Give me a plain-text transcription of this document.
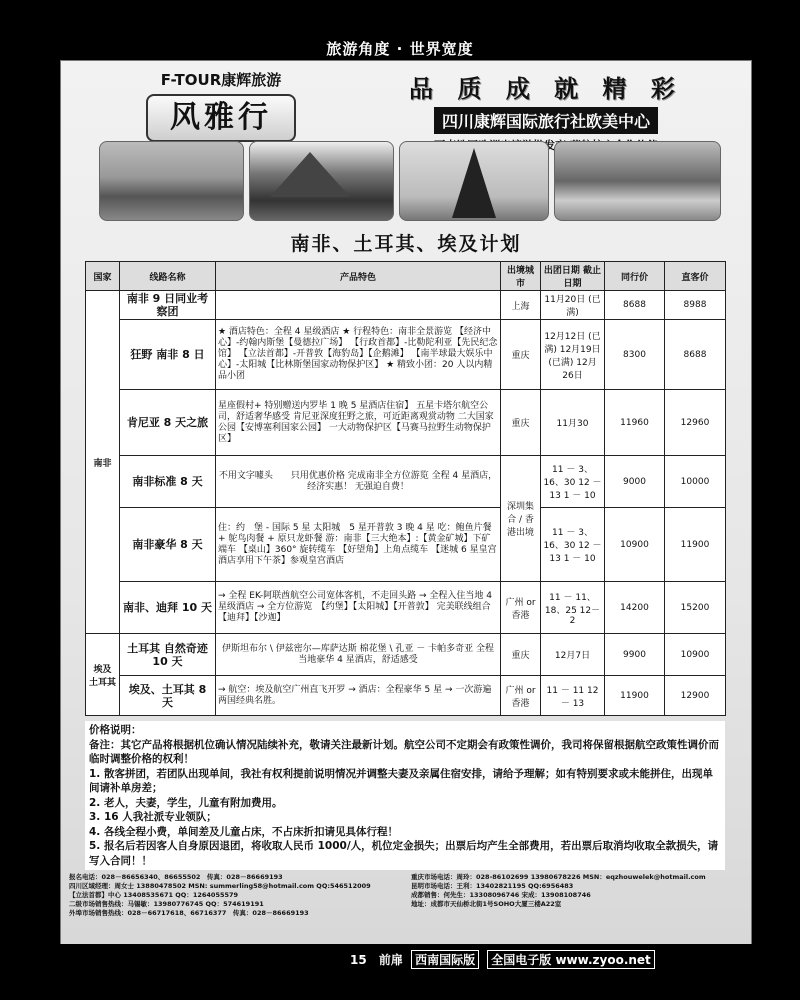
旅游角度 · 世界宽度
F-TOUR康辉旅游
风雅行
品 质 成 就 精 彩
四川康辉国际旅行社欧美中心
南非、土耳其、埃及计划
国家	线路名称	产品特色	出境城市	出团日期 截止日期	同行价	直客价
南非	南非 9 日同业考察团		上海	11月20日 (已满)	8688	8988
	狂野 南非 8 日	★ 酒店特色：全程 4 星级酒店 ★ 行程特色：南非全景游览 【经济中心】-约翰内斯堡【曼德拉广场】 【行政首都】-比勒陀利亚【先民纪念馆】 【立法首都】-开普敦【海豹岛】【企鹅滩】 【南半球最大娱乐中心】-太阳城【比林斯堡国家动物保护区】 ★ 精致小团：20 人以内精品小团	重庆	12月12日 (已满) 12月19日 (已满) 12月26日	8300	8688
	肯尼亚 8 天之旅	星座假村+ 特别赠送内罗毕 1 晚 5 星酒店住宿】 五星卡塔尔航空公司，舒适奢华感受 肯尼亚深度狂野之旅，可近距离观赏动物 二大国家公园【安博塞利国家公园】 一大动物保护区【马赛马拉野生动物保护区】	重庆	11月30	11960	12960
	南非标准 8 天	不用文字噱头　　只用优惠价格 完成南非全方位游览 全程 4 星酒店，经济实惠！ 无强迫自费！	深圳集合 / 香港出境	11 － 3、16、30 12 － 13 1 － 10	9000	10000
	南非豪华 8 天	住：约　堡 - 国际 5 星 太阳城　5 星开普敦 3 晚 4 星 吃：鲍鱼片餐 + 鸵鸟肉餐 + 原只龙虾餐 游：南非【三大绝本】:【黄金矿城】下矿端车 【桌山】360° 旋转缆车 【好望角】上角点缆车 【迷城 6 星皇宫酒店享用下午茶】参观皇宫酒店		11 － 3、16、30 12 － 13 1 － 10	10900	11900
	南非、迪拜 10 天	→ 全程 EK-阿联酋航空公司宽体客机，不走回头路 → 全程入住当地 4 星级酒店 → 全方位游览　【约堡】【太阳城】【开普敦】 完美联线组合【迪拜】【沙迦】	广州 or 香港	11 － 11、18、25 12－ 2	14200	15200
埃及 土耳其	土耳其 自然奇迹 10 天	伊斯坦布尔 \ 伊兹密尔—库萨达斯 棉花堡 \ 孔亚 － 卡帕多奇亚 全程当地豪华 4 星酒店，舒适感受	重庆	12月7日	9900	10900
	埃及、土耳其 8 天	→ 航空：埃及航空广州直飞开罗 → 酒店：全程豪华 5 星 → 一次游遍两国经典名胜。	广州 or 香港	11 － 11 12－ 13	11900	12900
价格说明：
备注：其它产品将根据机位确认情况陆续补充，敬请关注最新计划。航空公司不定期会有政策性调价，我司将保留根据航空政策性调价而临时调整价格的权利！
1. 散客拼团，若团队出现单间，我社有权利提前说明情况并调整夫妻及亲属住宿安排，请给予理解；如有特别要求或未能拼住，出现单间请补单房差；
2. 老人，夫妻，学生，儿童有附加费用。
3. 16 人我社派专业领队；
4. 各线全程小费，单间差及儿童占床，不占床折扣请见具体行程！
5. 报名后若因客人自身原因退团，将收取人民币 1000/人，机位定金损失；出票后均产生全部费用，若出票后取消均收取全款损失，请写入合同！！
报名电话：028－86656340、86655502　传真：028－86669193
四川区域经理：周女士 13880478502 MSN: summerling58@hotmail.com QQ:546512009
【立法首都】中心 13408535671 QQ：1264055579
二级市场销售热线：马锡敏：13980776745 QQ：574619191
外埠市场销售热线：028－66717618、66716377　传真：028－86669193
重庆市场电话：周玲：028-86102699 13980678226 MSN：eqzhouwelek@hotmail.com
昆明市场电话：王利：13402821195 QQ:6956483
成都销售：何先生：13308096746 宋成：13908108746
地址：成都市天仙桥北街1号SOHO大厦三楼A22室
15 前扉 西南国际版 全国电子版 www.zyoo.net
